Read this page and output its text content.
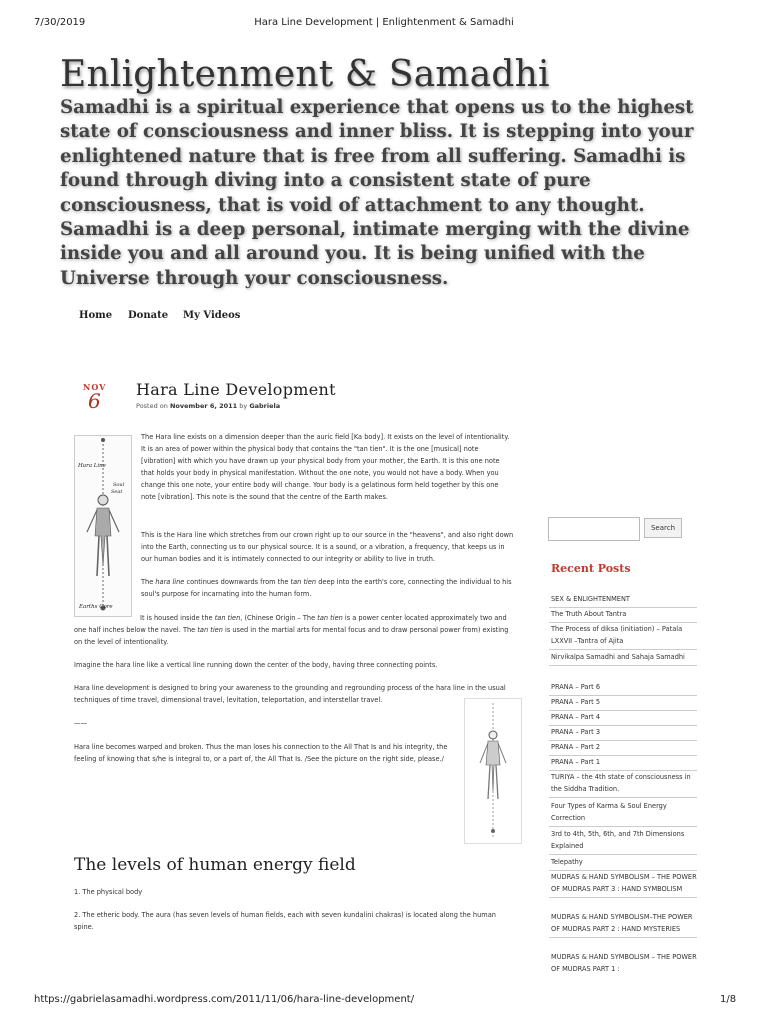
7/30/2019	Hara Line Development | Enlightenment & Samadhi
Enlightenment & Samadhi
Samadhi is a spiritual experience that opens us to the highest state of consciousness and inner bliss. It is stepping into your enlightened nature that is free from all suffering. Samadhi is found through diving into a consistent state of pure consciousness, that is void of attachment to any thought. Samadhi is a deep personal, intimate merging with the divine inside you and all around you. It is being unified with the Universe through your consciousness.
Home Donate My Videos
NOV
6 Hara Line Development
Posted on November 6, 2011 by Gabriela
Hara Line
Soul
Seat
Earths Core
The Hara line exists on a dimension deeper than the auric field [Ka body]. It exists on the level of intentionality. It is an area of power within the physical body that contains the "tan tien". It is the one [musical] note [vibration] with which you have drawn up your physical body from your mother, the Earth. It is this one note that holds your body in physical manifestation. Without the one note, you would not have a body. When you change this one note, your entire body will change. Your body is a gelatinous form held together by this one note [vibration]. This note is the sound that the centre of the Earth makes.
This is the Hara line which stretches from our crown right up to our source in the "heavens", and also right down into the Earth, connecting us to our physical source. It is a sound, or a vibration, a frequency, that keeps us in our human bodies and it is intimately connected to our integrity or ability to live in truth.
The hara line continues downwards from the tan tien deep into the earth's core, connecting the individual to his soul's purpose for incarnating into the human form.
It is housed inside the tan tien, (Chinese Origin – The tan tien is a power center located approximately two and one half inches below the navel. The tan tien is used in the martial arts for mental focus and to draw personal power from) existing on the level of intentionality.
Imagine the hara line like a vertical line running down the center of the body, having three connecting points.
Hara line development is designed to bring your awareness to the grounding and regrounding process of the hara line in the usual techniques of time travel, dimensional travel, levitation, teleportation, and interstellar travel.
——
Hara line becomes warped and broken. Thus the man loses his connection to the All That Is and his integrity, the feeling of knowing that s/he is integral to, or a part of, the All That Is. /See the picture on the right side, please./
The levels of human energy field
1. The physical body
2. The etheric body. The aura (has seven levels of human fields, each with seven kundalini chakras) is located along the human spine.
Search
Recent Posts
SEX & ENLIGHTENMENT
The Truth About Tantra
The Process of diksa (initiation) – Patala LXXVII –Tantra of Ajita
Nirvikalpa Samadhi and Sahaja Samadhi
PRANA – Part 6
PRANA – Part 5
PRANA – Part 4
PRANA – Part 3
PRANA – Part 2
PRANA – Part 1
TURIYA – the 4th state of consciousness in the Siddha Tradition.
Four Types of Karma & Soul Energy Correction
3rd to 4th, 5th, 6th, and 7th Dimensions Explained
Telepathy
MUDRAS & HAND SYMBOLISM – THE POWER OF MUDRAS PART 3 : HAND SYMBOLISM
MUDRAS & HAND SYMBOLISM–THE POWER OF MUDRAS PART 2 : HAND MYSTERIES
MUDRAS & HAND SYMBOLISM – THE POWER OF MUDRAS PART 1 :
https://gabrielasamadhi.wordpress.com/2011/11/06/hara-line-development/	1/8
